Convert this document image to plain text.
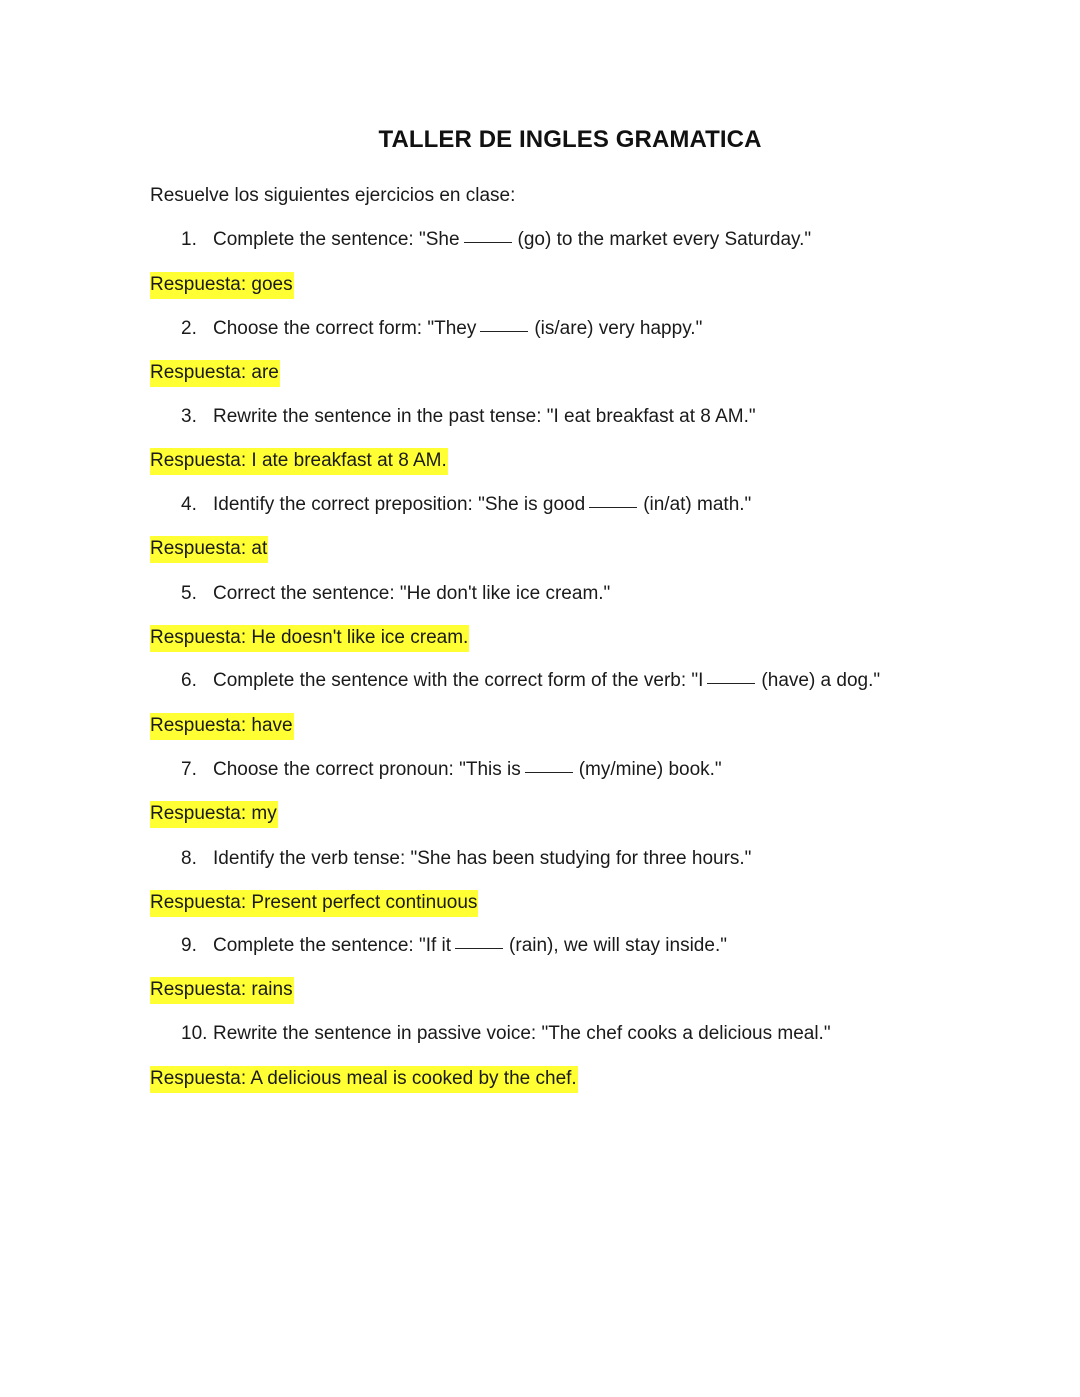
TALLER DE INGLES GRAMATICA
Resuelve los siguientes ejercicios en clase:
1. Complete the sentence: "She	(go) to the market every Saturday."
Respuesta: goes
2. Choose the correct form: "They	(is/are) very happy."
Respuesta: are
3. Rewrite the sentence in the past tense: "I eat breakfast at 8 AM."
Respuesta: I ate breakfast at 8 AM.
4. Identify the correct preposition: "She is good	(in/at) math."
Respuesta: at
5. Correct the sentence: "He don't like ice cream."
Respuesta: He doesn't like ice cream.
6. Complete the sentence with the correct form of the verb: "I	(have) a dog."
Respuesta: have
7. Choose the correct pronoun: "This is	(my/mine) book."
Respuesta: my
8. Identify the verb tense: "She has been studying for three hours."
Respuesta: Present perfect continuous
9. Complete the sentence: "If it	(rain), we will stay inside."
Respuesta: rains
10. Rewrite the sentence in passive voice: "The chef cooks a delicious meal."
Respuesta: A delicious meal is cooked by the chef.
